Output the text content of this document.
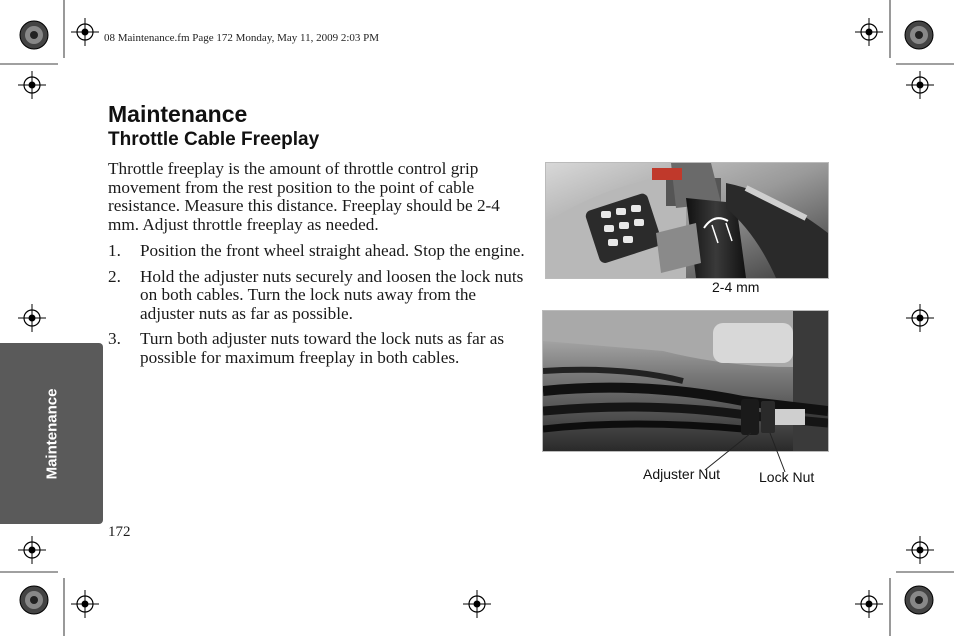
08 Maintenance.fm Page 172 Monday, May 11, 2009 2:03 PM
Maintenance
Throttle Cable Freeplay
Throttle freeplay is the amount of throttle control grip movement from the rest position to the point of cable resistance. Measure this distance. Freeplay should be 2-4 mm. Adjust throttle freeplay as needed.
1. Position the front wheel straight ahead. Stop the engine.
2. Hold the adjuster nuts securely and loosen the lock nuts on both cables. Turn the lock nuts away from the adjuster nuts as far as possible.
3. Turn both adjuster nuts toward the lock nuts as far as possible for maximum freeplay in both cables.
2-4 mm
Adjuster Nut	Lock Nut
Maintenance
172
